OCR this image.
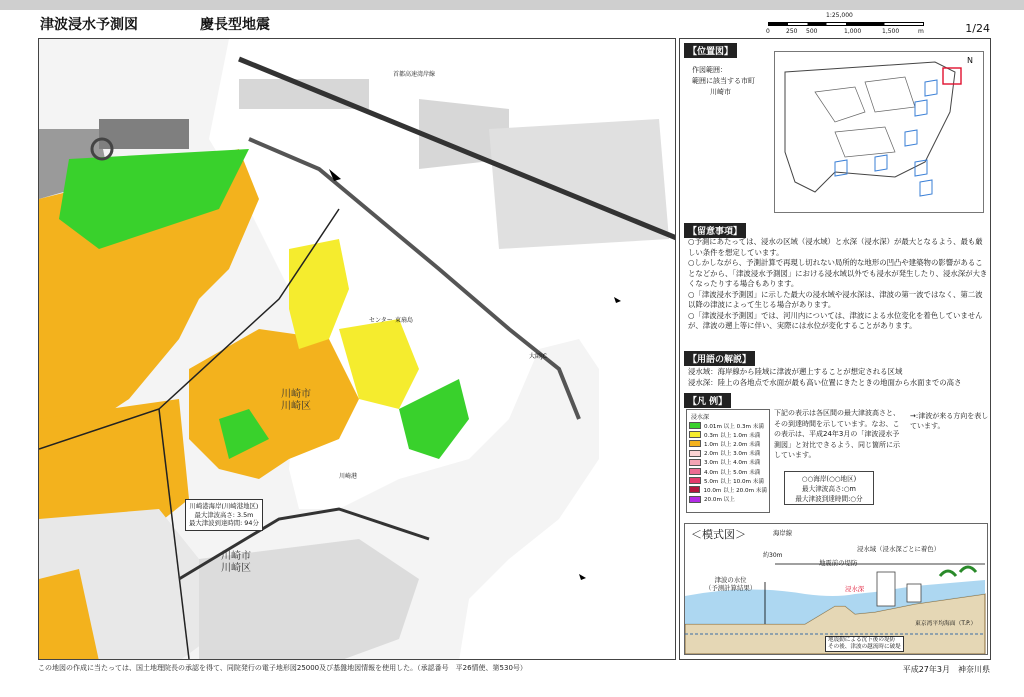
津波浸水予測図	慶長型地震	1/24
1:25,000
0	250 500	1,000	1,500	m
川崎市
川崎区
川崎市
川崎区
川崎港海岸(川崎港地区)
最大津波高さ: 3.5m
最大津波到達時間: 94分
首都高速湾岸線
センター 東扇島
大師JC
川崎港
この地図の作成に当たっては、国土地理院長の承認を得て、同院発行の電子地形図25000及び基盤地図情報を使用した。（承認番号　平26情使、第530号）	平成27年3月　神奈川県
【位置図】
作図範囲：
範囲に該当する市町
川崎市
N
【留意事項】
○予測にあたっては、浸水の区域（浸水域）と水深（浸水深）が最大となるよう、最も厳しい条件を想定しています。
○しかしながら、予測計算で再現し切れない局所的な地形の凹凸や建築物の影響があることなどから、「津波浸水予測図」における浸水域以外でも浸水が発生したり、浸水深が大きくなったりする場合もあります。
○「津波浸水予測図」に示した最大の浸水域や浸水深は、津波の第一波ではなく、第二波以降の津波によって生じる場合があります。
○「津波浸水予測図」では、河川内については、津波による水位変化を着色していませんが、津波の遡上等に伴い、実際には水位が変化することがあります。
【用語の解説】
浸水域：海岸線から陸域に津波が遡上することが想定される区域
浸水深：陸上の各地点で水面が最も高い位置にきたときの地面から水面までの高さ
【凡 例】
浸水深
0.01m 以上 0.3m 未満
0.3m 以上 1.0m 未満
1.0m 以上 2.0m 未満
2.0m 以上 3.0m 未満
3.0m 以上 4.0m 未満
4.0m 以上 5.0m 未満
5.0m 以上 10.0m 未満
10.0m 以上 20.0m 未満
20.0m 以上
下記の表示は各区間の最大津波高さと、その到達時間を示しています。なお、この表示は、平成24年3月の「津波浸水予測図」と対比できるよう、同じ箇所に示しています。
→:津波が来る方向を表しています。
○○海岸(○○地区)
最大津波高さ:○m
最大津波到達時間:○分
＜模式図＞	海岸線
浸水域（浸水深ごとに着色）
約30m
地震前の堤防
津波の水位
（予測計算結果）	浸水深
東京湾平均海面（T.P.）
地震動による沈下後の堤防
その後、津波の越流時に破堤
